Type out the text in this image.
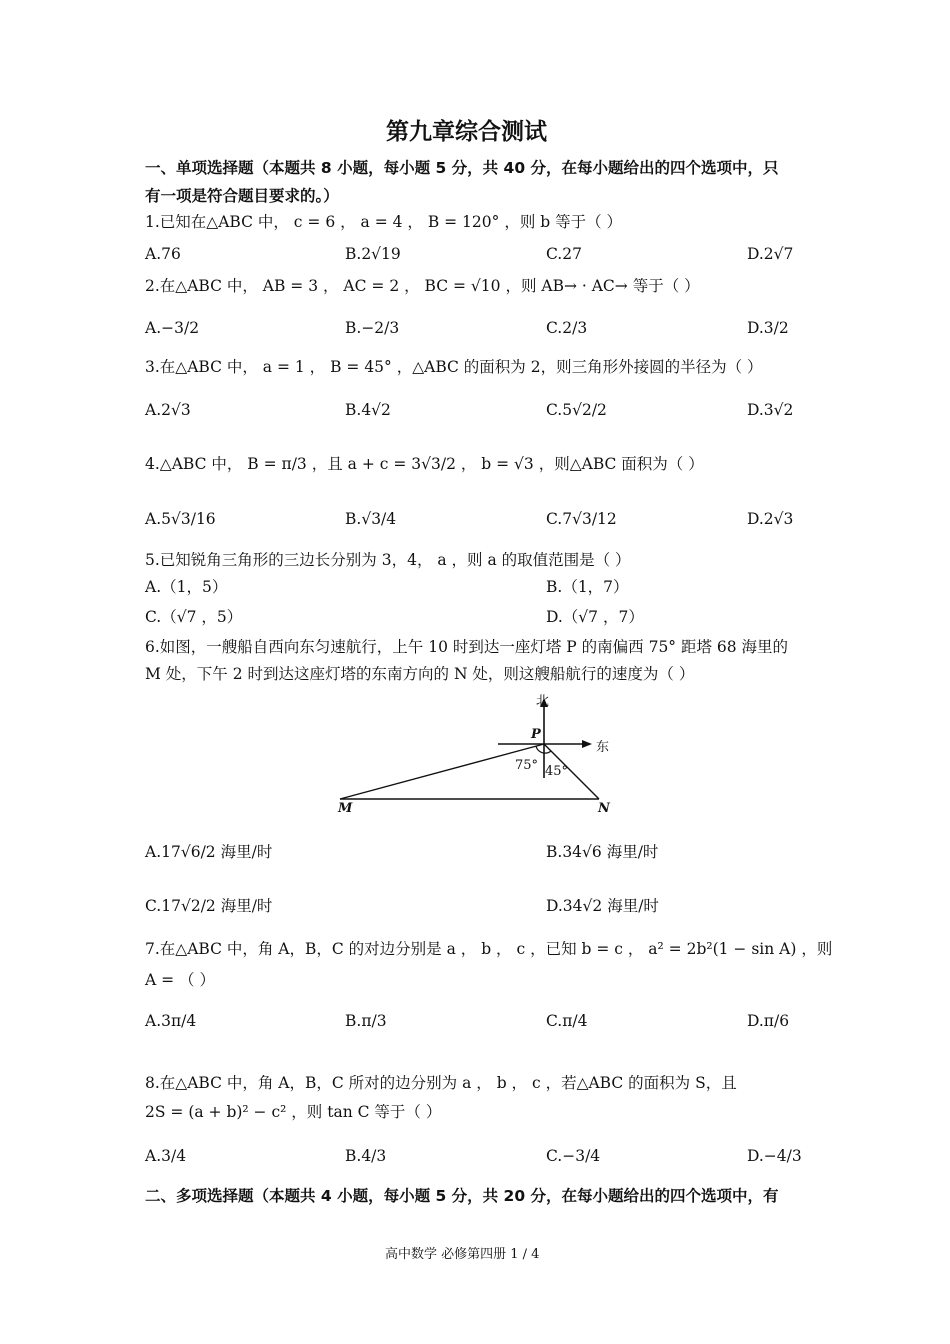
第九章综合测试
一、单项选择题（本题共 8 小题，每小题 5 分，共 40 分，在每小题给出的四个选项中，只
有一项是符合题目要求的。）
1.已知在△ABC 中， c = 6 ， a = 4 ， B = 120° ，则 b 等于（ ）
A.76	B.2√19	C.27	D.2√7
2.在△ABC 中， AB = 3 ， AC = 2 ， BC = √10 ，则 AB→ · AC→ 等于（ ）
A.−3/2	B.−2/3	C.2/3	D.3/2
3.在△ABC 中， a = 1 ， B = 45° ，△ABC 的面积为 2，则三角形外接圆的半径为（ ）
A.2√3	B.4√2	C.5√2/2	D.3√2
4.△ABC 中， B = π/3 ，且 a + c = 3√3/2 ， b = √3 ，则△ABC 面积为（ ）
A.5√3/16	B.√3/4	C.7√3/12	D.2√3
5.已知锐角三角形的三边长分别为 3，4， a ，则 a 的取值范围是（ ）
A.（1，5）	B.（1，7）
C.（√7 ，5）	D.（√7 ，7）
6.如图，一艘船自西向东匀速航行，上午 10 时到达一座灯塔 P 的南偏西 75° 距塔 68 海里的
M 处，下午 2 时到达这座灯塔的东南方向的 N 处，则这艘船航行的速度为（ ）
北
东
P
M	N
75° 45°
A.17√6/2 海里/时	B.34√6 海里/时
C.17√2/2 海里/时	D.34√2 海里/时
7.在△ABC 中，角 A，B，C 的对边分别是 a ， b ， c ，已知 b = c ， a² = 2b²(1 − sin A) ，则
A = （ ）
A.3π/4	B.π/3	C.π/4	D.π/6
8.在△ABC 中，角 A，B，C 所对的边分别为 a ， b ， c ，若△ABC 的面积为 S，且
2S = (a + b)² − c² ，则 tan C 等于（ ）
A.3/4	B.4/3	C.−3/4	D.−4/3
二、多项选择题（本题共 4 小题，每小题 5 分，共 20 分，在每小题给出的四个选项中，有
高中数学 必修第四册 1 / 4
